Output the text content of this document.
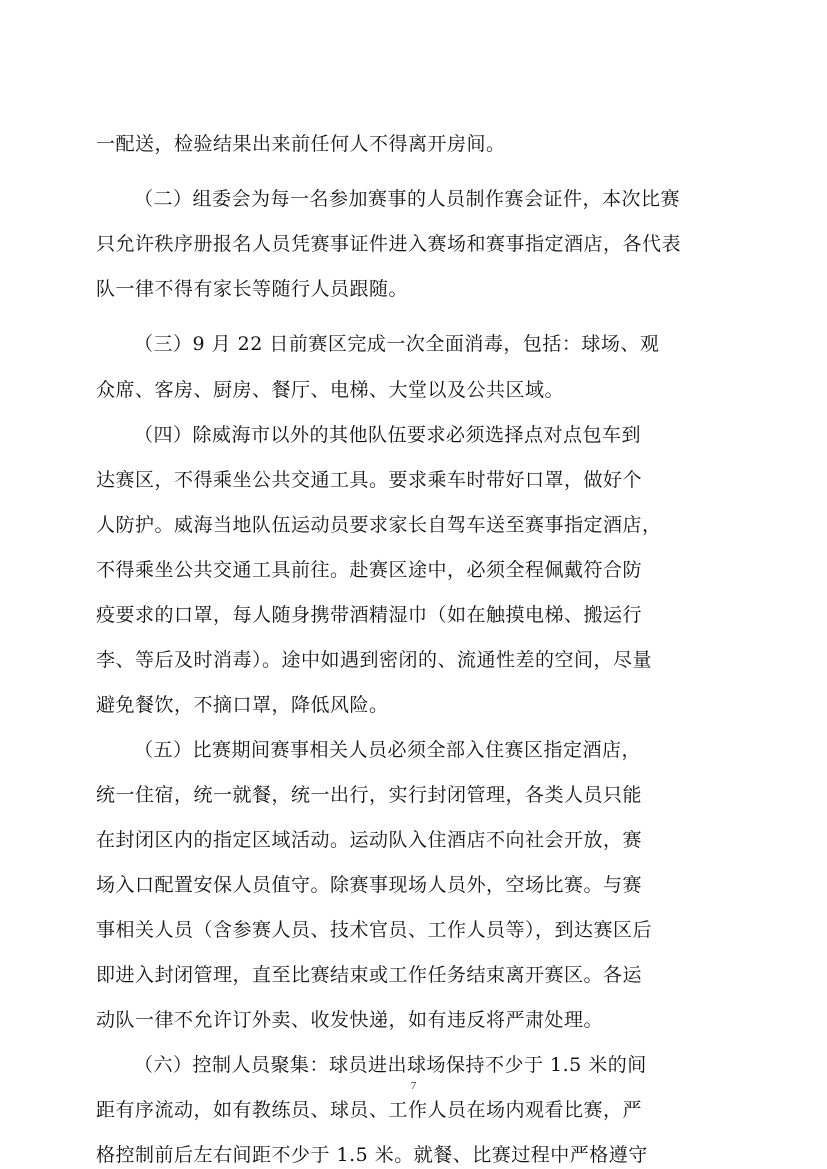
一配送，检验结果出来前任何人不得离开房间。
（二）组委会为每一名参加赛事的人员制作赛会证件，本次比赛
只允许秩序册报名人员凭赛事证件进入赛场和赛事指定酒店，各代表
队一律不得有家长等随行人员跟随。
（三）9 月 22 日前赛区完成一次全面消毒，包括：球场、观
众席、客房、厨房、餐厅、电梯、大堂以及公共区域。
（四）除威海市以外的其他队伍要求必须选择点对点包车到
达赛区，不得乘坐公共交通工具。要求乘车时带好口罩，做好个
人防护。威海当地队伍运动员要求家长自驾车送至赛事指定酒店，
不得乘坐公共交通工具前往。赴赛区途中，必须全程佩戴符合防
疫要求的口罩，每人随身携带酒精湿巾（如在触摸电梯、搬运行
李、等后及时消毒）。途中如遇到密闭的、流通性差的空间，尽量
避免餐饮，不摘口罩，降低风险。
（五）比赛期间赛事相关人员必须全部入住赛区指定酒店，
统一住宿，统一就餐，统一出行，实行封闭管理，各类人员只能
在封闭区内的指定区域活动。运动队入住酒店不向社会开放，赛
场入口配置安保人员值守。除赛事现场人员外，空场比赛。与赛
事相关人员（含参赛人员、技术官员、工作人员等），到达赛区后
即进入封闭管理，直至比赛结束或工作任务结束离开赛区。各运
动队一律不允许订外卖、收发快递，如有违反将严肃处理。
（六）控制人员聚集：球员进出球场保持不少于 1.5 米的间
距有序流动，如有教练员、球员、工作人员在场内观看比赛，严
格控制前后左右间距不少于 1.5 米。就餐、比赛过程中严格遵守
7
